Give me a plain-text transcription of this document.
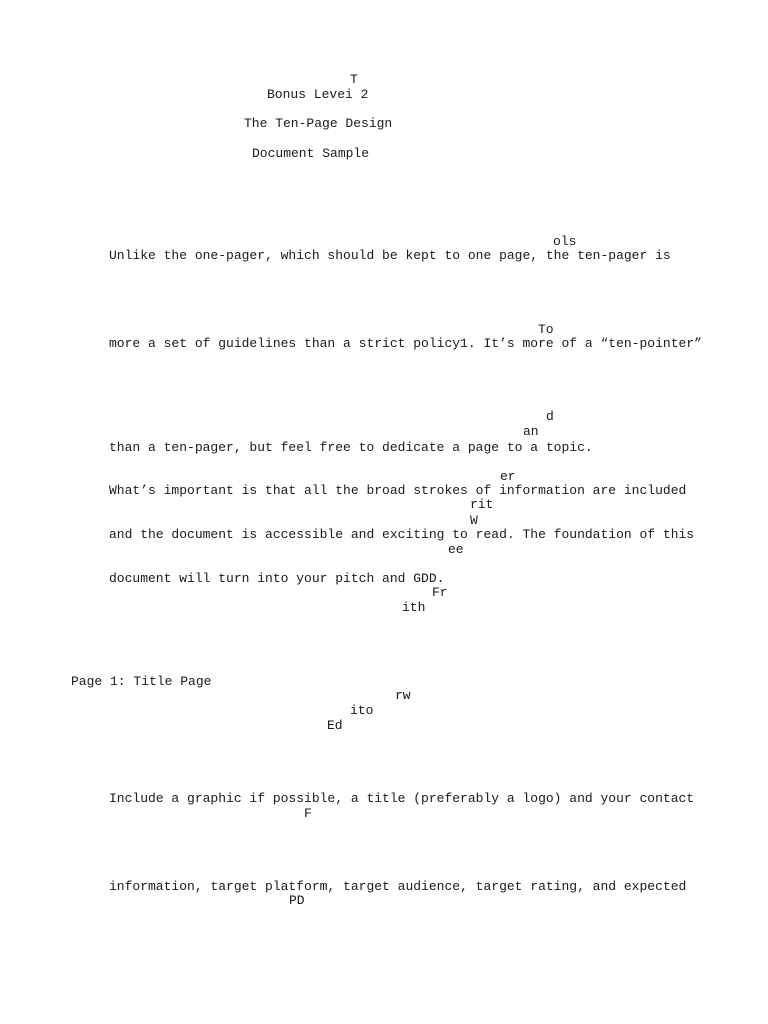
T
Bonus Levei 2
The Ten-Page Design
Document Sample
Unlike the one-pager, which should be kept to one page, the ten-pager is
more a set of guidelines than a strict policy1. It’s more of a “ten-pointer”
than a ten-pager, but feel free to dedicate a page to a topic.
What’s important is that all the broad strokes of information are included
and the document is accessible and exciting to read. The foundation of this
document will turn into your pitch and GDD.
Page 1: Title Page
Include a graphic if possible, a title (preferably a logo) and your contact
information, target platform, target audience, target rating, and expected
ols
To
d
an
er
rit
W
ee
Fr
ith
rw
ito
Ed
F
PD
